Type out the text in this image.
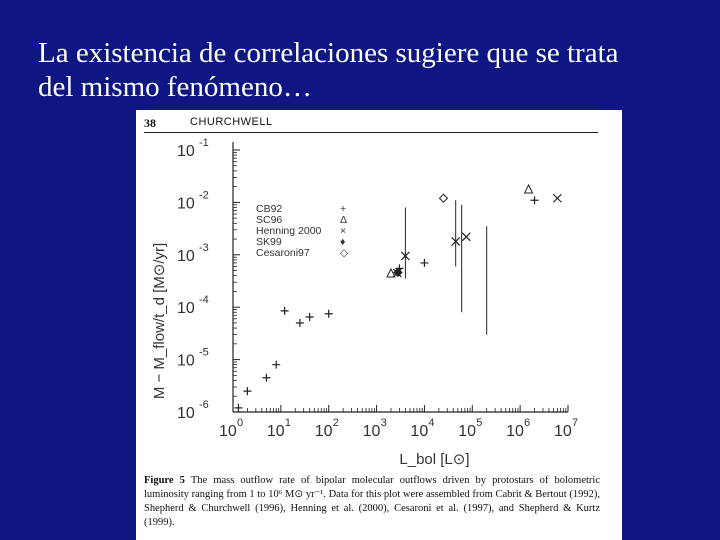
La existencia de correlaciones sugiere que se trata
del mismo fenómeno…
38	CHURCHWELL
10 -6
10 -5
10 -4
10 -3
10 -2
10 -1
10 0 10 1 10 2 10 3 10 4 10 5 10 6 10 7
M − M_flow/t_d [M⊙/yr]
L_bol [L⊙]
CB92	+
SC96	Δ
Henning 2000 ×
SK99	♦
Cesaroni97	◇
Figure 5 The mass outflow rate of bipolar molecular outflows driven by protostars of bolometric luminosity ranging from 1 to 10⁶ M⊙ yr⁻¹. Data for this plot were assembled from Cabrit & Bertout (1992), Shepherd & Churchwell (1996), Henning et al. (2000), Cesaroni et al. (1997), and Shepherd & Kurtz (1999).
